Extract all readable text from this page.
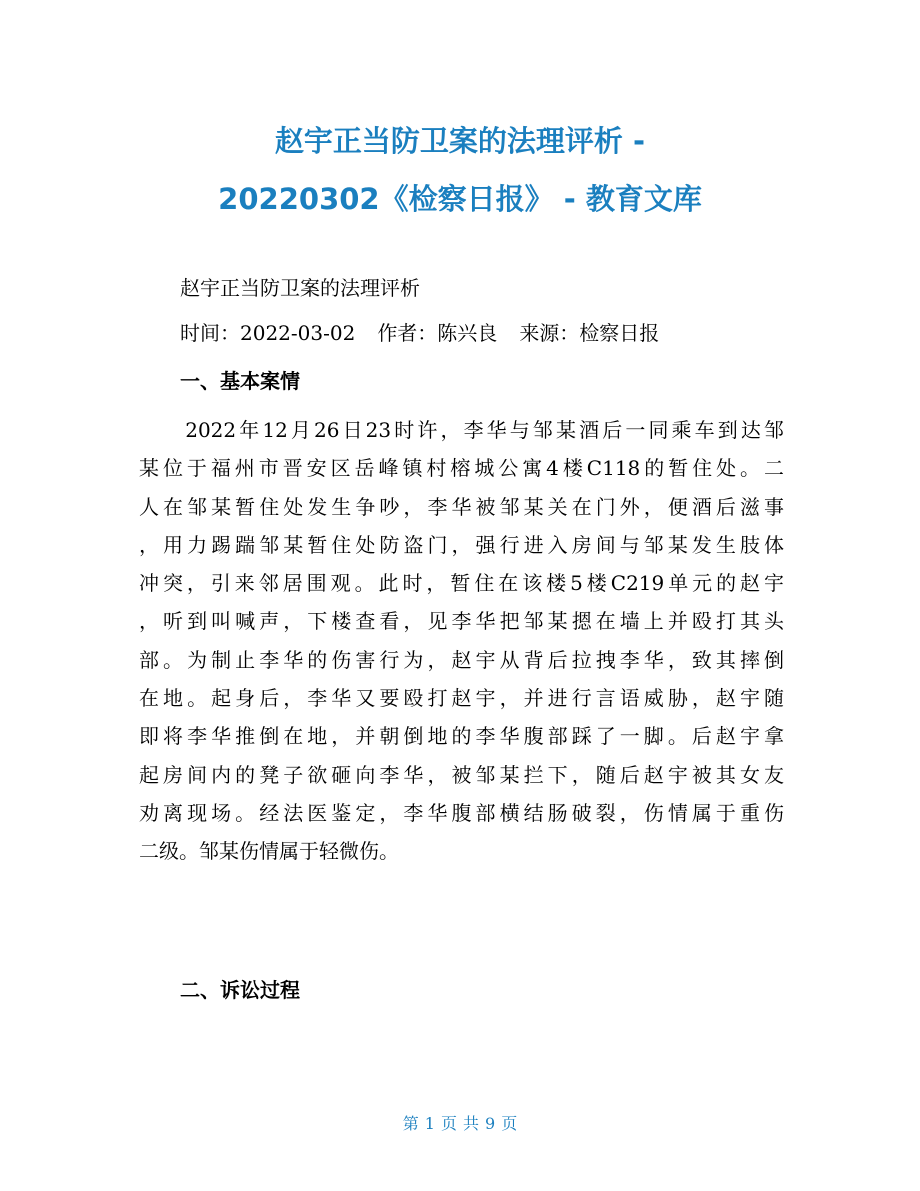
赵宇正当防卫案的法理评析 -
20220302《检察日报》 - 教育文库

赵宇正当防卫案的法理评析

时间：2022-03-02 作者：陈兴良 来源：检察日报

一、基本案情

　　2022年12月26日23时许，李华与邹某酒后一同乘车到达邹
某位于福州市晋安区岳峰镇村榕城公寓4楼C118的暂住处。二
人在邹某暂住处发生争吵，李华被邹某关在门外，便酒后滋事
，用力踢踹邹某暂住处防盗门，强行进入房间与邹某发生肢体
冲突，引来邻居围观。此时，暂住在该楼5楼C219单元的赵宇
，听到叫喊声，下楼查看，见李华把邹某摁在墙上并殴打其头
部。为制止李华的伤害行为，赵宇从背后拉拽李华，致其摔倒
在地。起身后，李华又要殴打赵宇，并进行言语威胁，赵宇随
即将李华推倒在地，并朝倒地的李华腹部踩了一脚。后赵宇拿
起房间内的凳子欲砸向李华，被邹某拦下，随后赵宇被其女友
劝离现场。经法医鉴定，李华腹部横结肠破裂，伤情属于重伤
二级。邹某伤情属于轻微伤。

二、诉讼过程

第 1 页 共 9 页
